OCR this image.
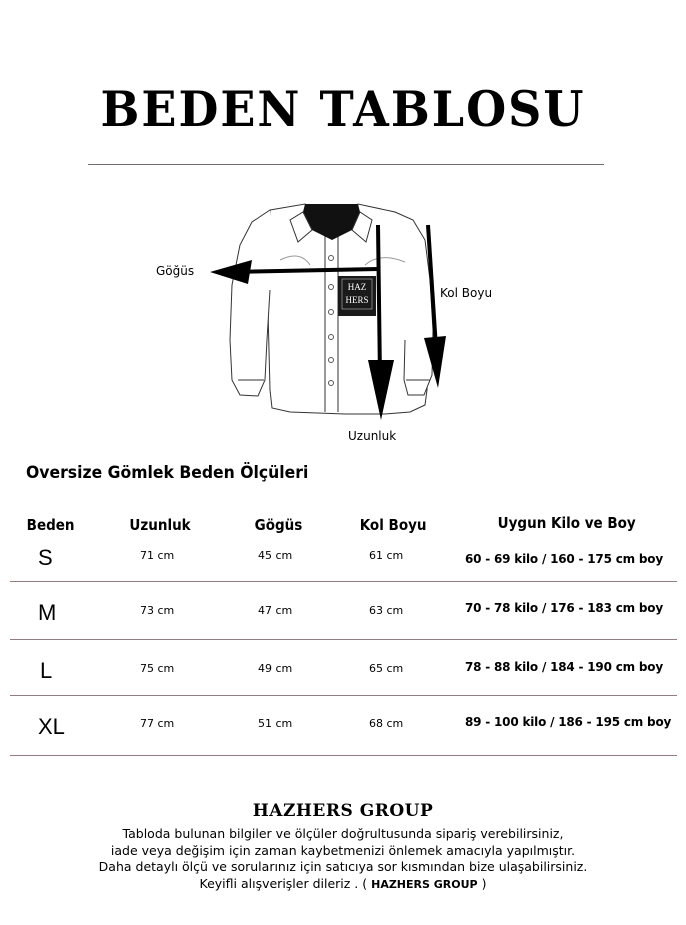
BEDEN TABLOSU
HAZ
HERS
Göğüs
Kol Boyu
Uzunluk
Oversize Gömlek Beden Ölçüleri
Beden	Uzunluk	Gögüs	Kol Boyu	Uygun Kilo ve Boy
S	71 cm	45 cm	61 cm	60 - 69 kilo / 160 - 175 cm boy
M	73 cm	47 cm	63 cm	70 - 78 kilo / 176 - 183 cm boy
L	75 cm	49 cm	65 cm	78 - 88 kilo / 184 - 190 cm boy
XL	77 cm	51 cm	68 cm	89 - 100 kilo / 186 - 195 cm boy
HAZHERS GROUP
Tabloda bulunan bilgiler ve ölçüler doğrultusunda sipariş verebilirsiniz,
iade veya değişim için zaman kaybetmenizi önlemek amacıyla yapılmıştır.
Daha detaylı ölçü ve sorularınız için satıcıya sor kısmından bize ulaşabilirsiniz.
Keyifli alışverişler dileriz . ( HAZHERS GROUP )
